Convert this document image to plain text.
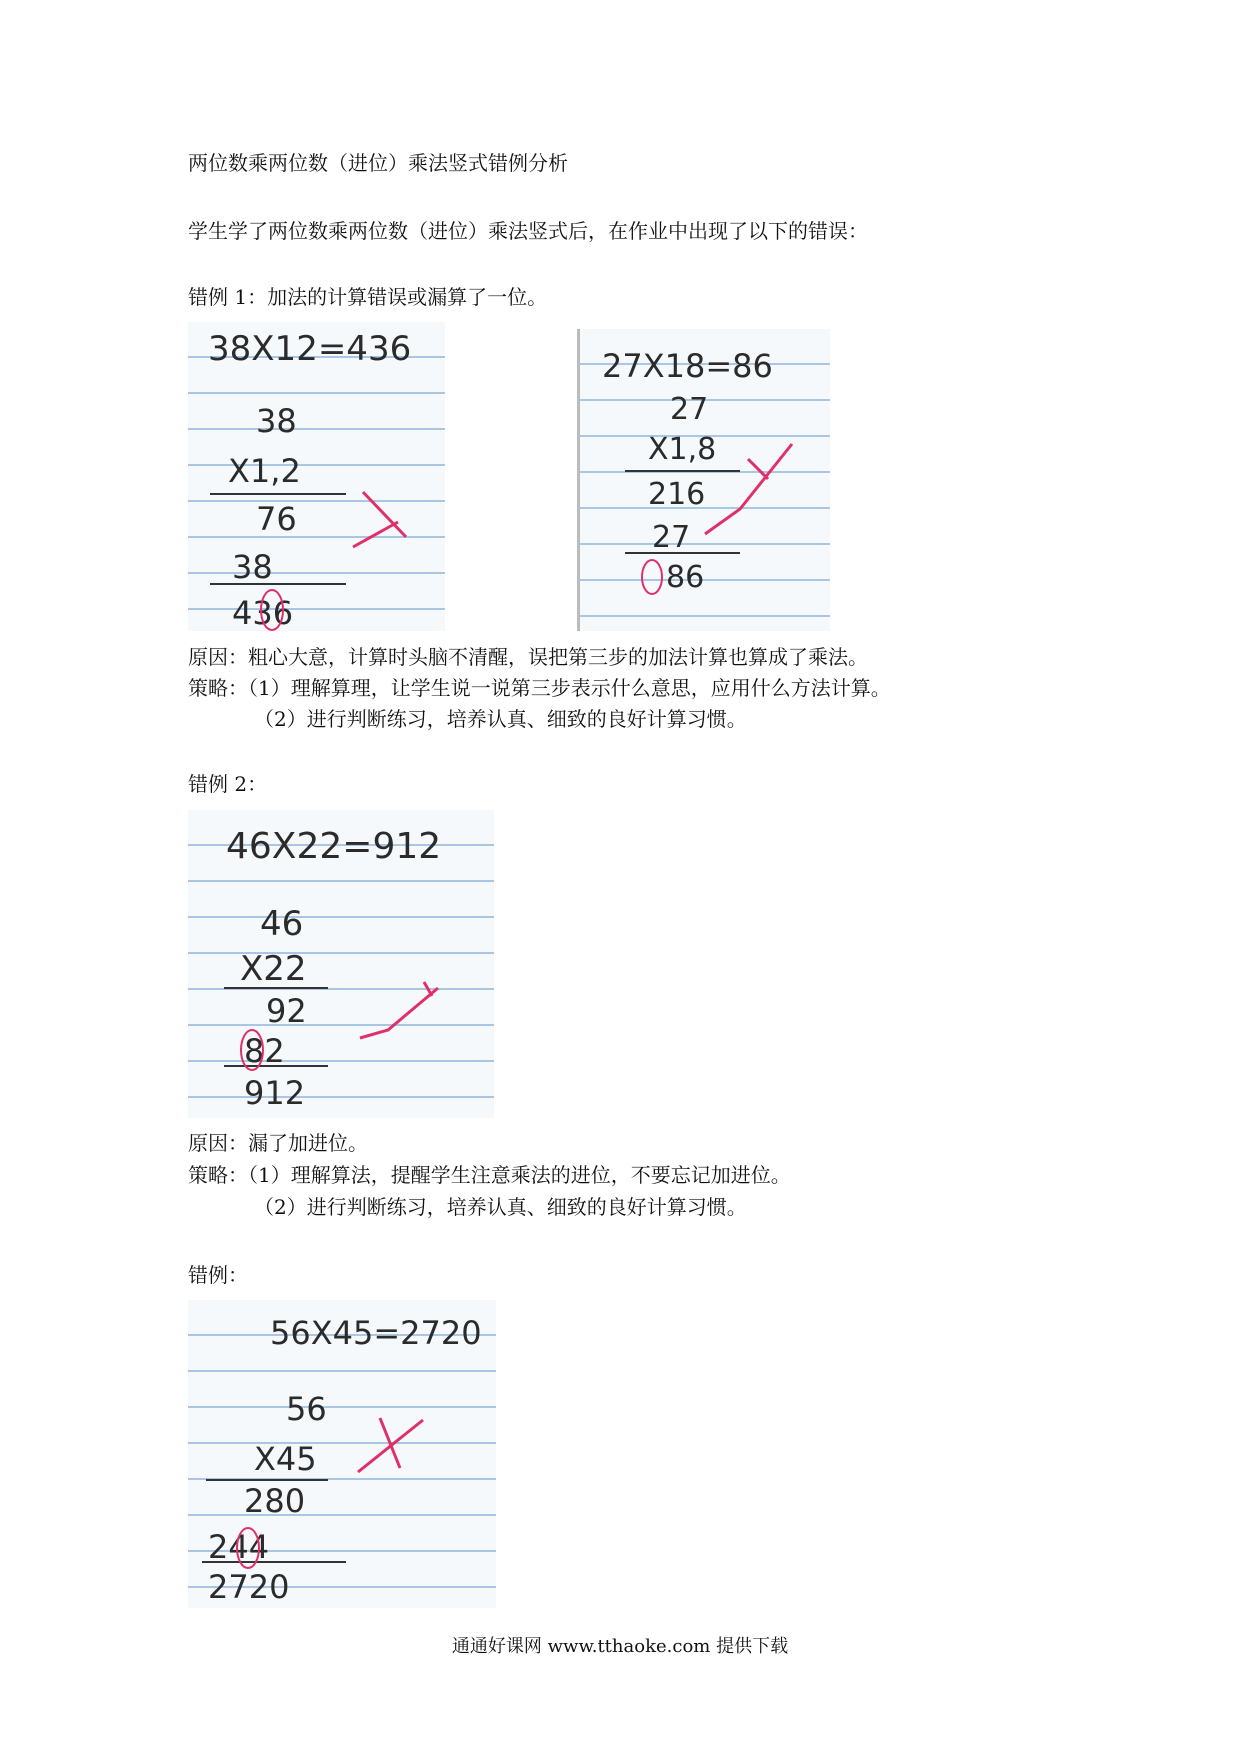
两位数乘两位数（进位）乘法竖式错例分析
学生学了两位数乘两位数（进位）乘法竖式后，在作业中出现了以下的错误：
错例 1：加法的计算错误或漏算了一位。
38X12=436
38
X1,2
76
38
436
27X18=86
27
X1,8
216
27
86
原因：粗心大意，计算时头脑不清醒，误把第三步的加法计算也算成了乘法。
策略：（1）理解算理，让学生说一说第三步表示什么意思，应用什么方法计算。
（2）进行判断练习，培养认真、细致的良好计算习惯。
错例 2：
46X22=912
46
X22
92
82
912
原因：漏了加进位。
策略：（1）理解算法，提醒学生注意乘法的进位，不要忘记加进位。
（2）进行判断练习，培养认真、细致的良好计算习惯。
错例：
56X45=2720
56
X45
280
244
2720
通通好课网 www.tthaoke.com 提供下载
